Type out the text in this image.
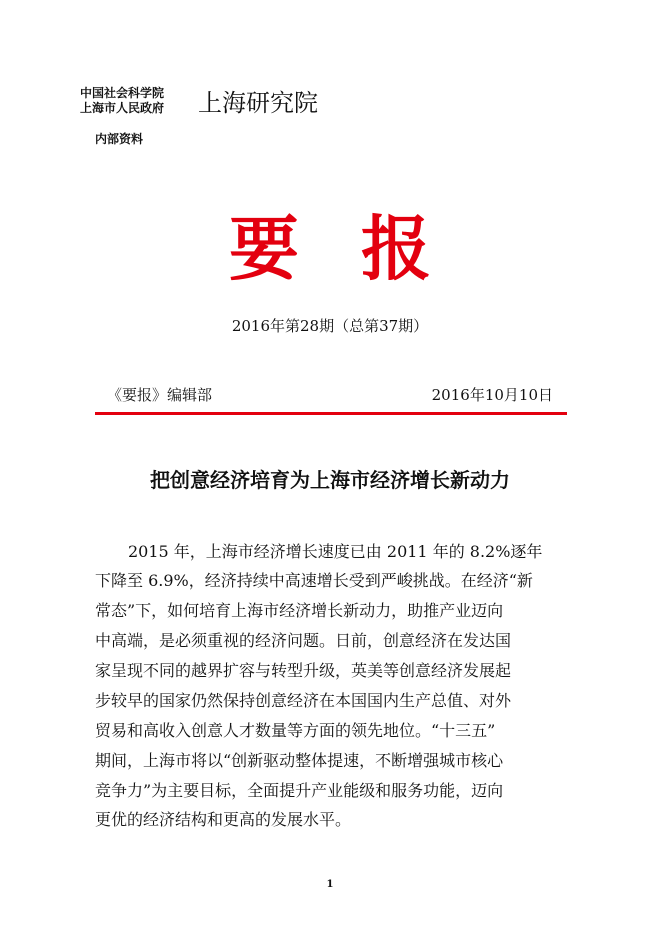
中国社会科学院
上海市人民政府 上海研究院
内部资料
要报
2016年第28期（总第37期）
《要报》编辑部	2016年10月10日
把创意经济培育为上海市经济增长新动力
2015 年，上海市经济增长速度已由 2011 年的 8.2%逐年
下降至 6.9%，经济持续中高速增长受到严峻挑战。在经济“新
常态”下，如何培育上海市经济增长新动力，助推产业迈向
中高端，是必须重视的经济问题。日前，创意经济在发达国
家呈现不同的越界扩容与转型升级，英美等创意经济发展起
步较早的国家仍然保持创意经济在本国国内生产总值、对外
贸易和高收入创意人才数量等方面的领先地位。“十三五”
期间，上海市将以“创新驱动整体提速，不断增强城市核心
竞争力”为主要目标，全面提升产业能级和服务功能，迈向
更优的经济结构和更高的发展水平。
1
